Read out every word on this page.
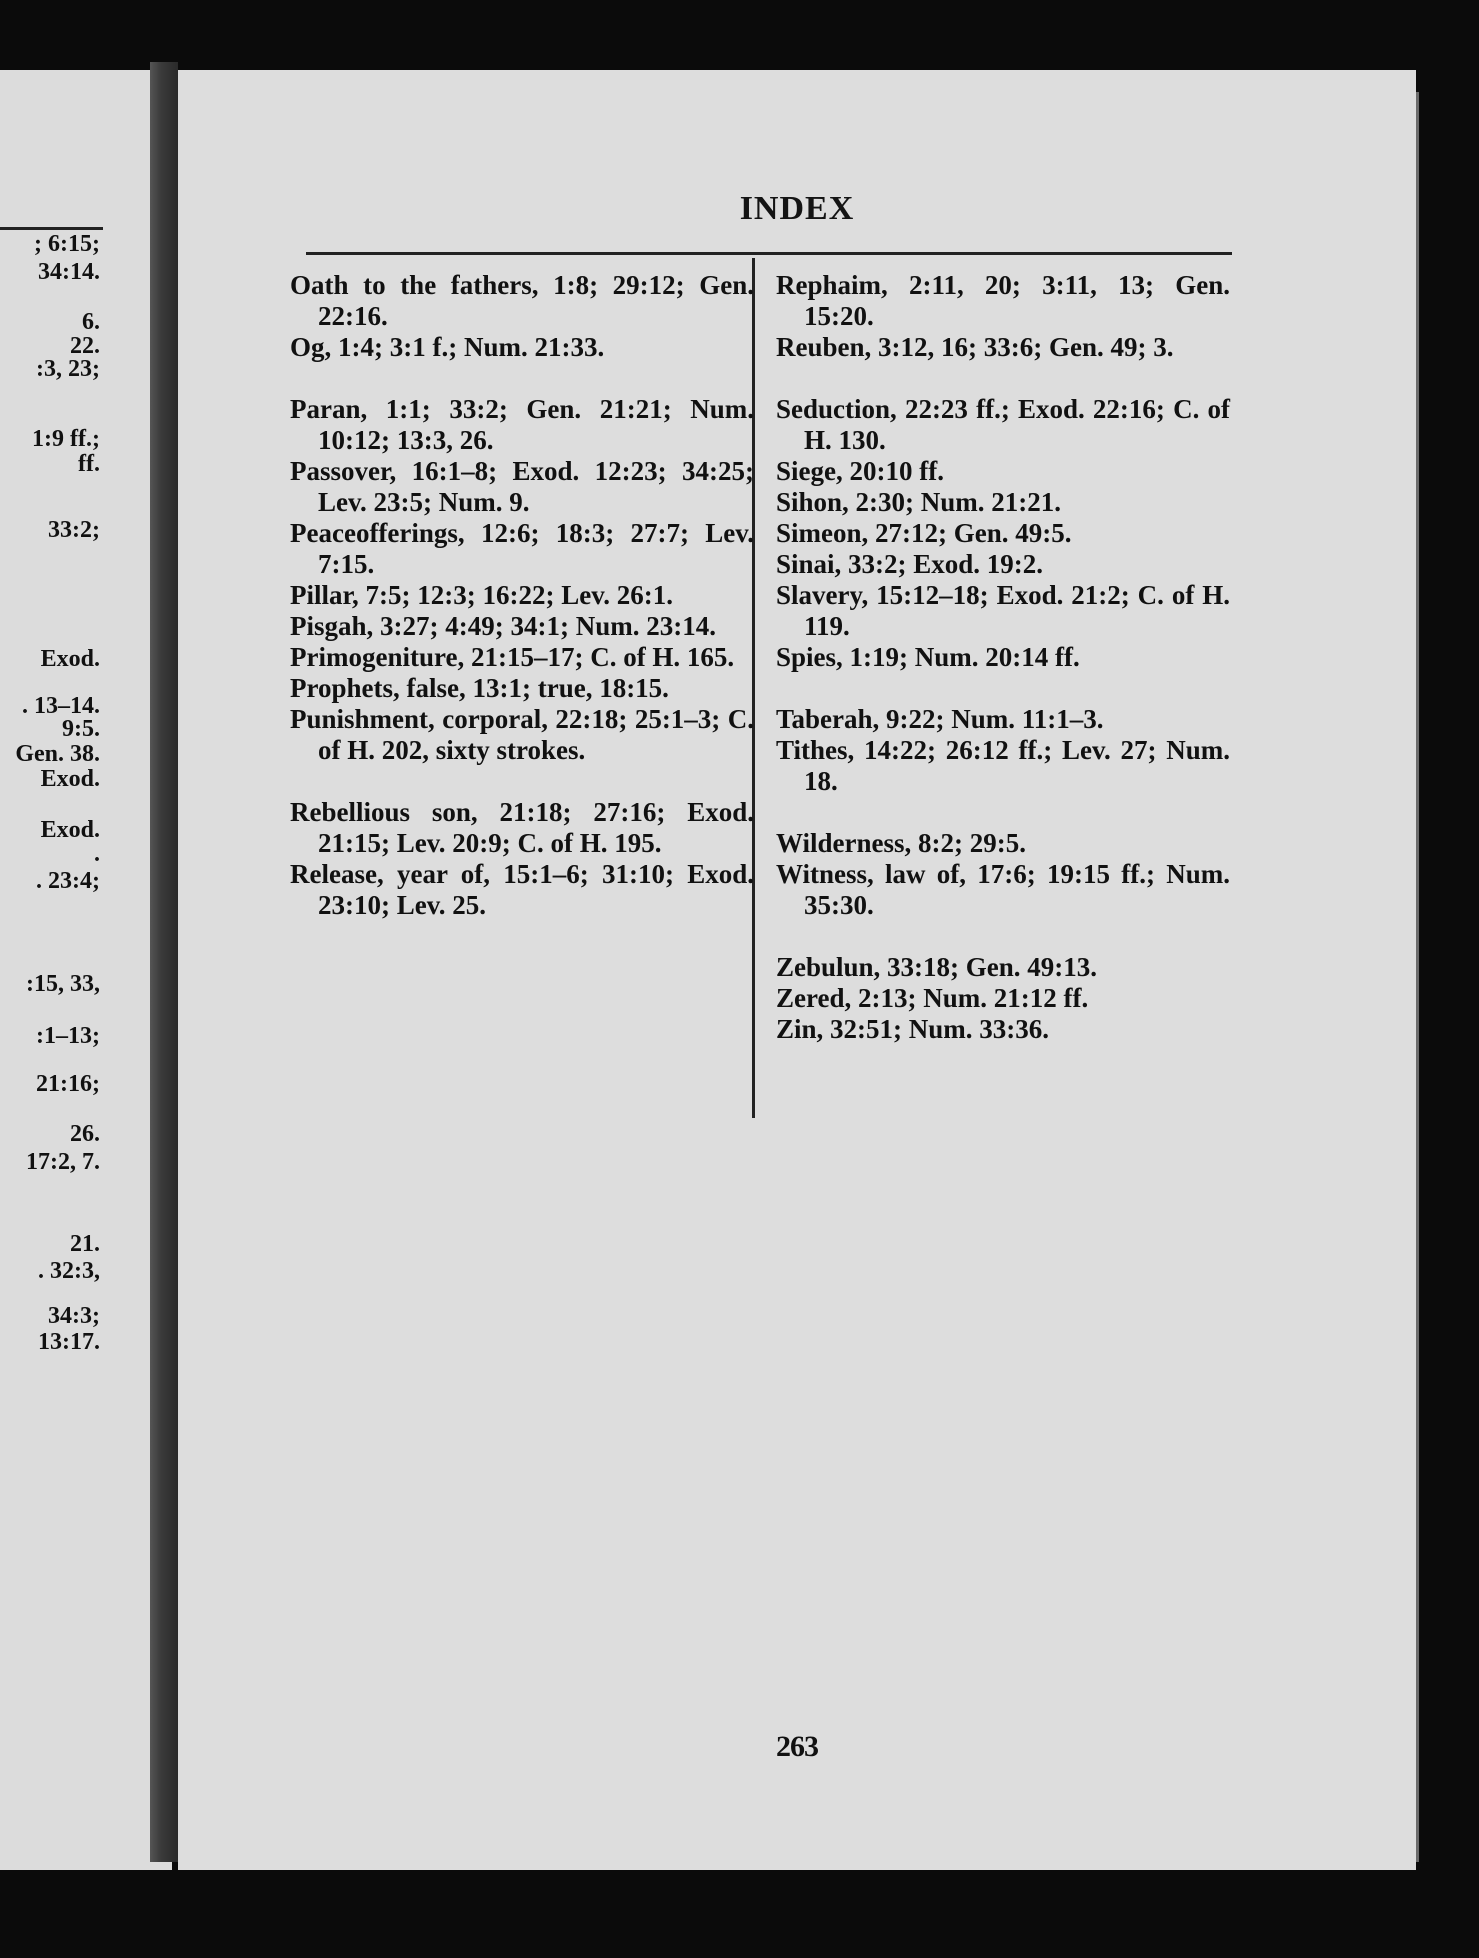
; 6:15;
34:14.
6.
22.
:3, 23;
1:9 ff.;
ff.
33:2;
Exod.
. 13–14.
9:5.
Gen. 38.
Exod.
Exod.
.
. 23:4;
:15, 33,
:1–13;
21:16;
26.
17:2, 7.
21.
. 32:3,
34:3;
13:17.
INDEX

Oath to the fathers, 1:8; 29:12; Gen. 22:16.

Og, 1:4; 3:1 f.; Num. 21:33.

Paran, 1:1; 33:2; Gen. 21:21; Num. 10:12; 13:3, 26.

Passover, 16:1–8; Exod. 12:23; 34:25; Lev. 23:5; Num. 9.

Peaceofferings, 12:6; 18:3; 27:7; Lev. 7:15.

Pillar, 7:5; 12:3; 16:22; Lev. 26:1.

Pisgah, 3:27; 4:49; 34:1; Num. 23:14.

Primogeniture, 21:15–17; C. of H. 165.

Prophets, false, 13:1; true, 18:15.

Punishment, corporal, 22:18; 25:1–3; C. of H. 202, sixty strokes.

Rebellious son, 21:18; 27:16; Exod. 21:15; Lev. 20:9; C. of H. 195.

Release, year of, 15:1–6; 31:10; Exod. 23:10; Lev. 25.

Rephaim, 2:11, 20; 3:11, 13; Gen. 15:20.

Reuben, 3:12, 16; 33:6; Gen. 49; 3.

Seduction, 22:23 ff.; Exod. 22:16; C. of H. 130.

Siege, 20:10 ff.

Sihon, 2:30; Num. 21:21.

Simeon, 27:12; Gen. 49:5.

Sinai, 33:2; Exod. 19:2.

Slavery, 15:12–18; Exod. 21:2; C. of H. 119.

Spies, 1:19; Num. 20:14 ff.

Taberah, 9:22; Num. 11:1–3.

Tithes, 14:22; 26:12 ff.; Lev. 27; Num. 18.

Wilderness, 8:2; 29:5.

Witness, law of, 17:6; 19:15 ff.; Num. 35:30.

Zebulun, 33:18; Gen. 49:13.

Zered, 2:13; Num. 21:12 ff.

Zin, 32:51; Num. 33:36.

263
